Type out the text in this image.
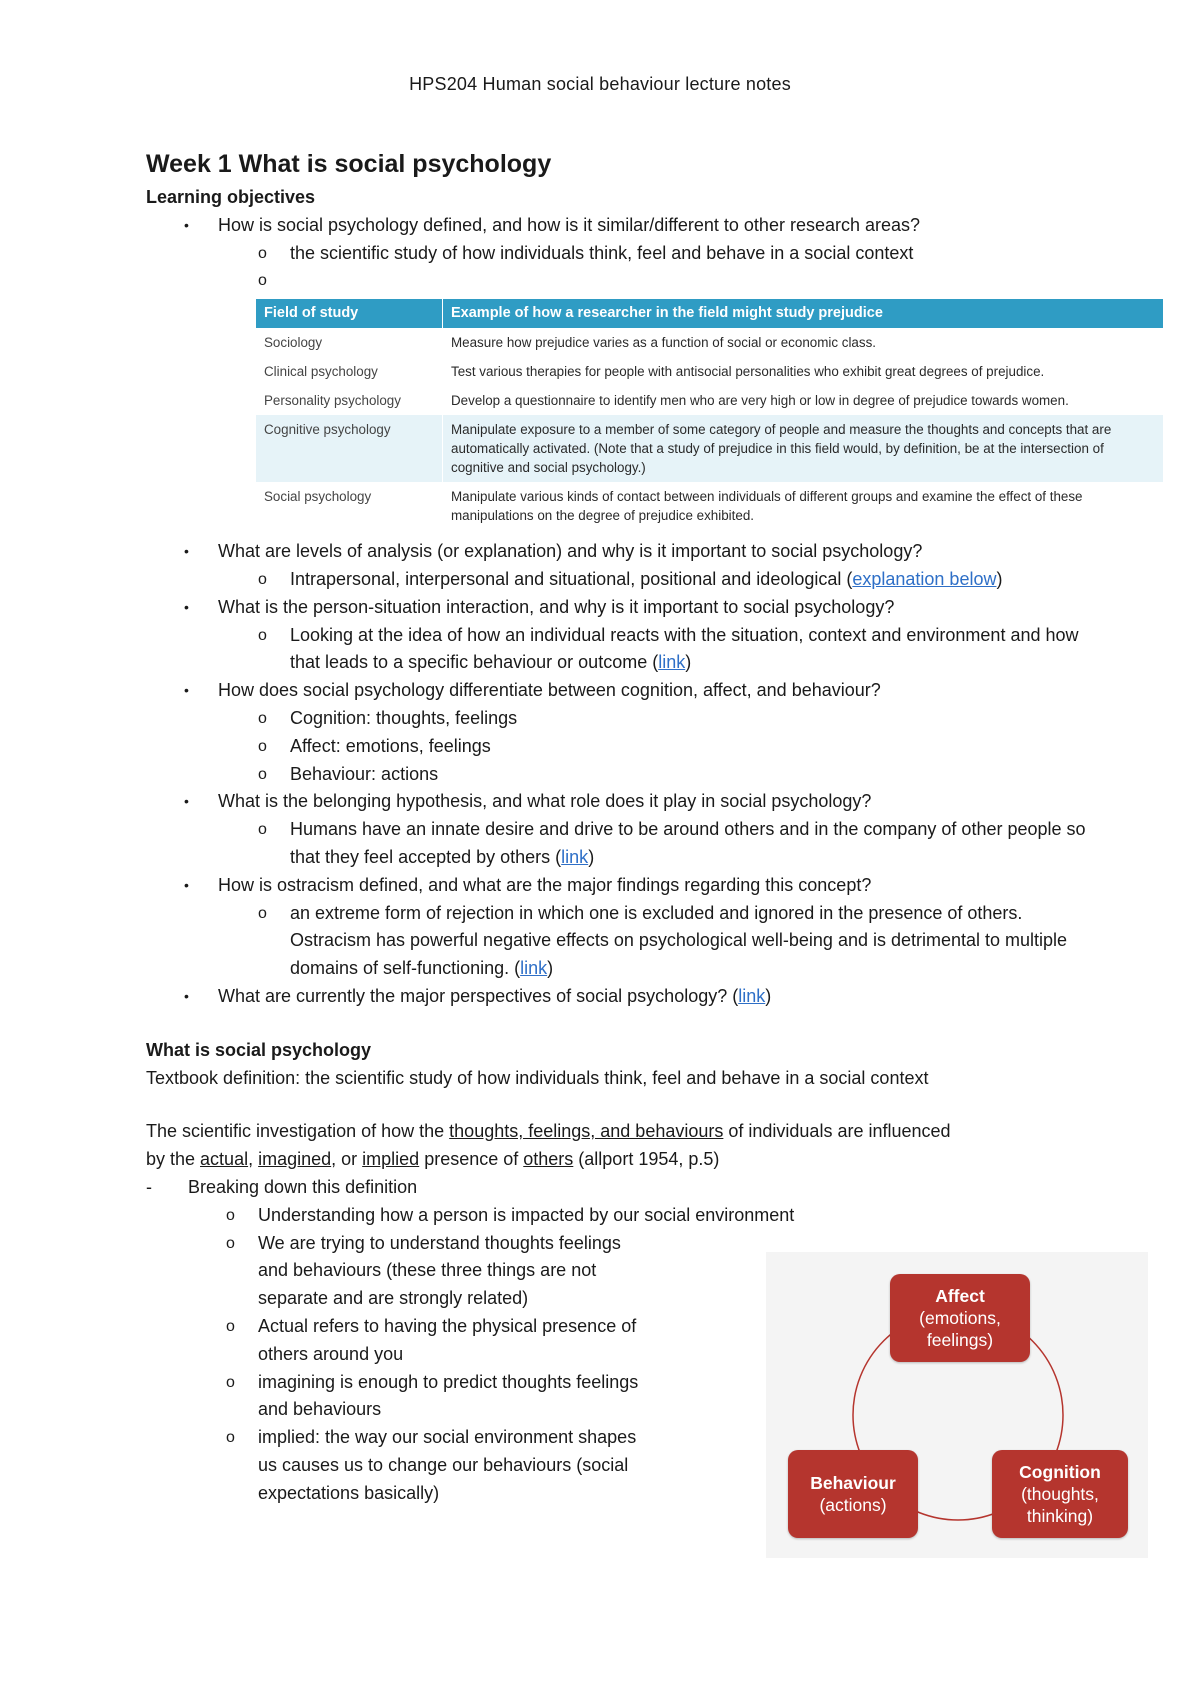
HPS204 Human social behaviour lecture notes
Week 1 What is social psychology
Learning objectives
• How is social psychology defined, and how is it similar/different to other research areas?
o the scientific study of how individuals think, feel and behave in a social context
o

Field of study	Example of how a researcher in the field might study prejudice
Sociology	Measure how prejudice varies as a function of social or economic class.
Clinical psychology	Test various therapies for people with antisocial personalities who exhibit great degrees of prejudice.
Personality psychology	Develop a questionnaire to identify men who are very high or low in degree of prejudice towards women.
Cognitive psychology	Manipulate exposure to a member of some category of people and measure the thoughts and concepts that are automatically activated. (Note that a study of prejudice in this field would, by definition, be at the intersection of cognitive and social psychology.)
Social psychology	Manipulate various kinds of contact between individuals of different groups and examine the effect of these manipulations on the degree of prejudice exhibited.
• What are levels of analysis (or explanation) and why is it important to social psychology?
o Intrapersonal, interpersonal and situational, positional and ideological (explanation below)
• What is the person-situation interaction, and why is it important to social psychology?
o Looking at the idea of how an individual reacts with the situation, context and environment and how that leads to a specific behaviour or outcome (link)
• How does social psychology differentiate between cognition, affect, and behaviour?
o Cognition: thoughts, feelings
o Affect: emotions, feelings
o Behaviour: actions
• What is the belonging hypothesis, and what role does it play in social psychology?
o Humans have an innate desire and drive to be around others and in the company of other people so that they feel accepted by others (link)
• How is ostracism defined, and what are the major findings regarding this concept?
o an extreme form of rejection in which one is excluded and ignored in the presence of others. Ostracism has powerful negative effects on psychological well-being and is detrimental to multiple domains of self-functioning. (link)
• What are currently the major perspectives of social psychology? (link)
What is social psychology
Textbook definition: the scientific study of how individuals think, feel and behave in a social context
The scientific investigation of how the thoughts, feelings, and behaviours of individuals are influenced by the actual, imagined, or implied presence of others (allport 1954, p.5)
- Breaking down this definition
o Understanding how a person is impacted by our social environment
o We are trying to understand thoughts feelings and behaviours (these three things are not separate and are strongly related)
o Actual refers to having the physical presence of others around you
o imagining is enough to predict thoughts feelings and behaviours
o implied: the way our social environment shapes us causes us to change our behaviours (social expectations basically)
Affect
(emotions, feelings)
Behaviour
(actions)
Cognition
(thoughts, thinking)
